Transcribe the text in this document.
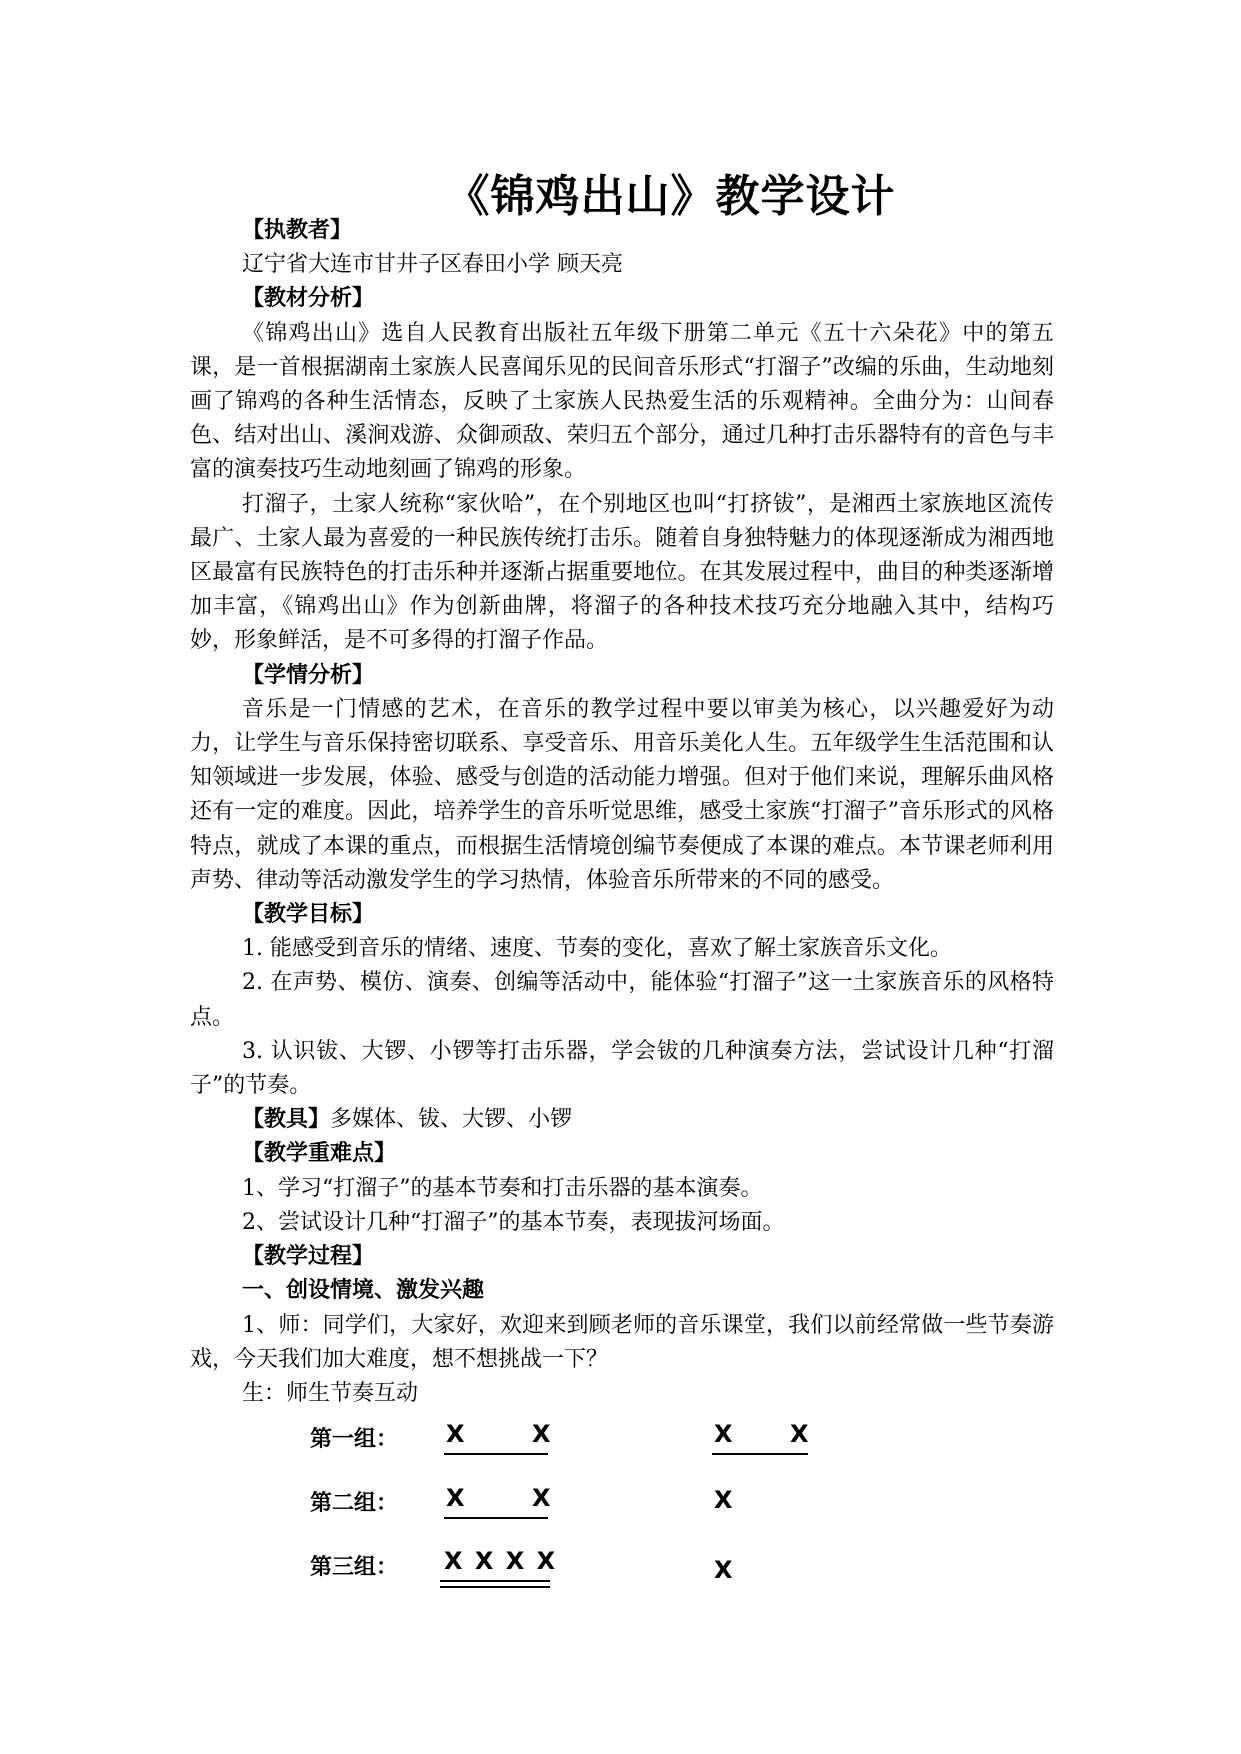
《锦鸡出山》教学设计
【执教者】
辽宁省大连市甘井子区春田小学 顾天亮
【教材分析】

《锦鸡出山》选自人民教育出版社五年级下册第二单元《五十六朵花》中的第五课，是一首根据湖南土家族人民喜闻乐见的民间音乐形式“打溜子”改编的乐曲，生动地刻画了锦鸡的各种生活情态，反映了土家族人民热爱生活的乐观精神。全曲分为：山间春色、结对出山、溪涧戏游、众御顽敌、荣归五个部分，通过几种打击乐器特有的音色与丰富的演奏技巧生动地刻画了锦鸡的形象。

打溜子，土家人统称“家伙哈”，在个别地区也叫“打挤钹”，是湘西土家族地区流传最广、土家人最为喜爱的一种民族传统打击乐。随着自身独特魅力的体现逐渐成为湘西地区最富有民族特色的打击乐种并逐渐占据重要地位。在其发展过程中，曲目的种类逐渐增加丰富，《锦鸡出山》作为创新曲牌，将溜子的各种技术技巧充分地融入其中，结构巧妙，形象鲜活，是不可多得的打溜子作品。

【学情分析】

音乐是一门情感的艺术，在音乐的教学过程中要以审美为核心，以兴趣爱好为动力，让学生与音乐保持密切联系、享受音乐、用音乐美化人生。五年级学生生活范围和认知领域进一步发展，体验、感受与创造的活动能力增强。但对于他们来说，理解乐曲风格还有一定的难度。因此，培养学生的音乐听觉思维，感受土家族“打溜子”音乐形式的风格特点，就成了本课的重点，而根据生活情境创编节奏便成了本课的难点。本节课老师利用声势、律动等活动激发学生的学习热情，体验音乐所带来的不同的感受。

【教学目标】

1. 能感受到音乐的情绪、速度、节奏的变化，喜欢了解土家族音乐文化。

2. 在声势、模仿、演奏、创编等活动中，能体验“打溜子”这一土家族音乐的风格特点。

3. 认识钹、大锣、小锣等打击乐器，学会钹的几种演奏方法，尝试设计几种“打溜子”的节奏。

【教具】多媒体、钹、大锣、小锣
【教学重难点】
1、学习“打溜子”的基本节奏和打击乐器的基本演奏。
2、尝试设计几种“打溜子”的基本节奏，表现拔河场面。
【教学过程】
一、创设情境、激发兴趣

1、师：同学们，大家好，欢迎来到顾老师的音乐课堂，我们以前经常做一些节奏游戏，今天我们加大难度，想不想挑战一下？

生：师生节奏互动
第一组： X	X	X X
第二组： X	X	X
第三组： X X X X	X
